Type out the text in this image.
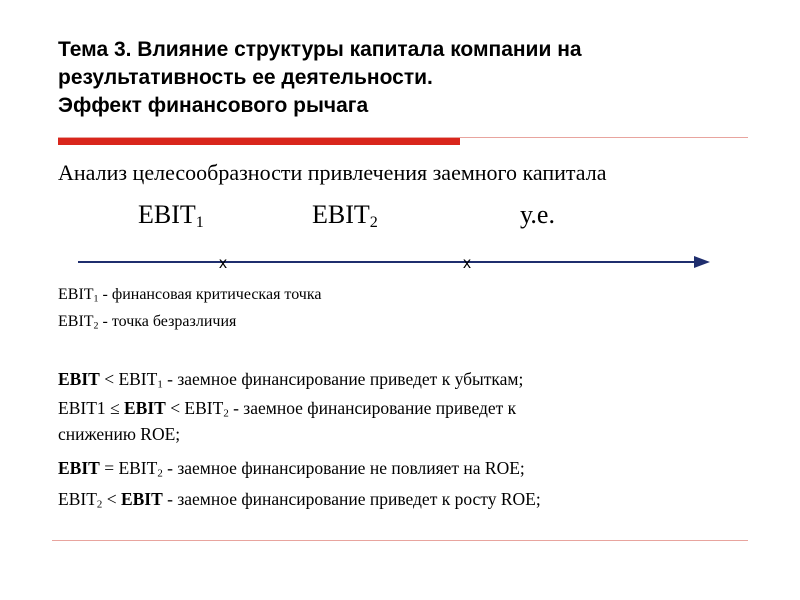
Тема 3. Влияние структуры капитала компании на
результативность ее деятельности.
Эффект финансового рычага
Анализ целесообразности привлечения заемного капитала
$EBIT_1$	$EBIT_2$	у.е.
x	x
$EBIT_1$ - финансовая критическая точка
$EBIT_2$ - точка безразличия
EBIT < $EBIT_1$ - заемное финансирование приведет к убыткам;
EBIT1 ≤ EBIT < $EBIT_2$ - заемное финансирование приведет к
снижению ROE;
EBIT = $EBIT_2$ - заемное финансирование не повлияет на ROE;
$EBIT_2$ < EBIT - заемное финансирование приведет к росту ROE;
